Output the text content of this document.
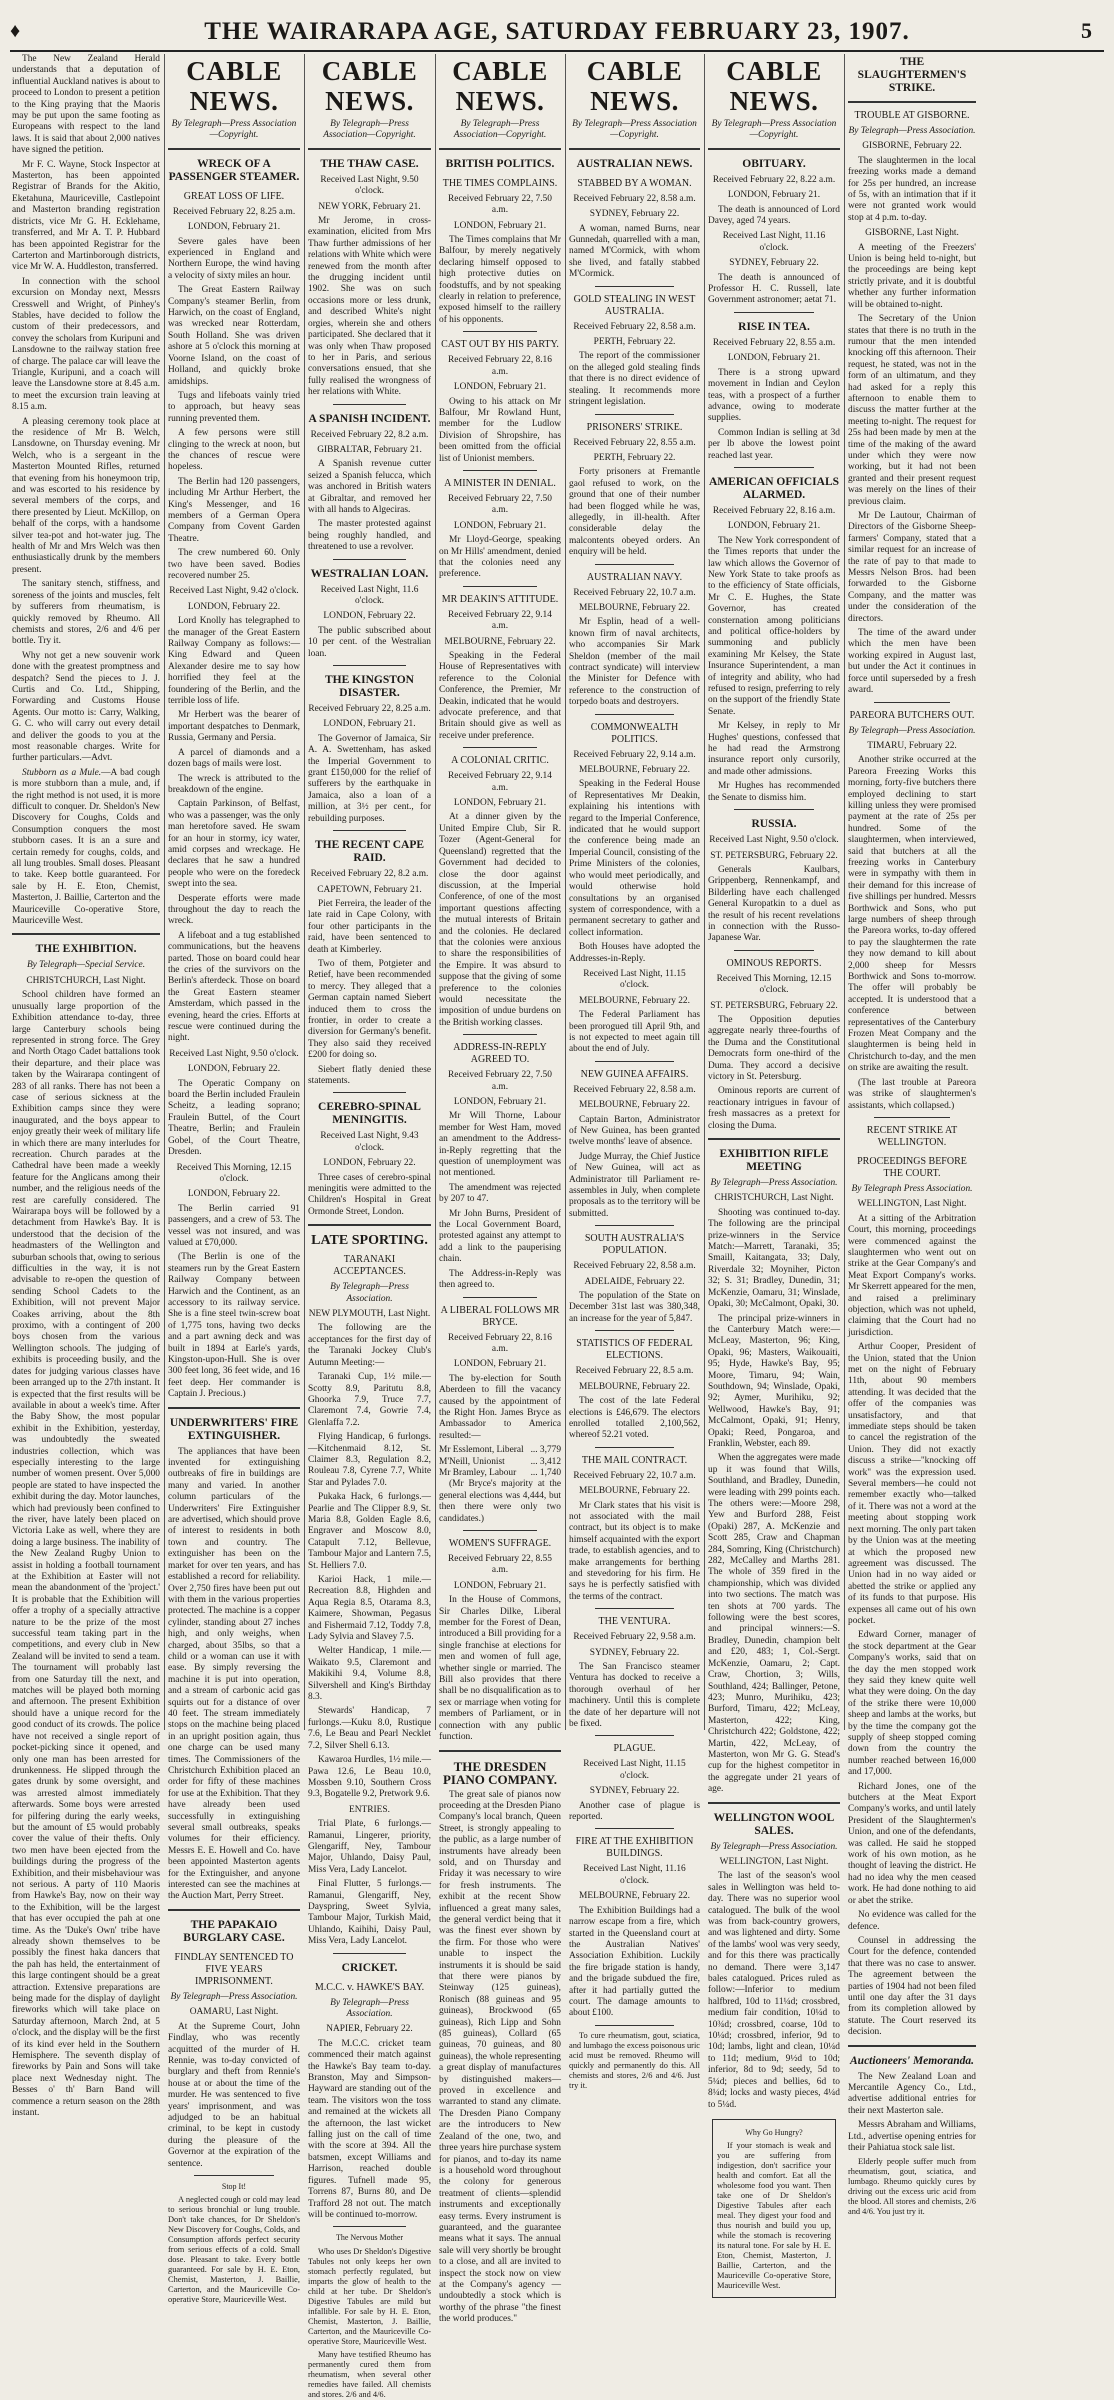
♦	THE WAIRARAPA AGE, SATURDAY FEBRUARY 23, 1907.	5

The New Zealand Herald understands that a deputation of influential Auckland natives is about to proceed to London to present a petition to the King praying that the Maoris may be put upon the same footing as Europeans with respect to the land laws. It is said that about 2,000 natives have signed the petition.

Mr F. C. Wayne, Stock Inspector at Masterton, has been appointed Registrar of Brands for the Akitio, Eketahuna, Mauriceville, Castlepoint and Masterton branding registration districts, vice Mr G. H. Ecklehame, transferred, and Mr A. T. P. Hubbard has been appointed Registrar for the Carterton and Martinborough districts, vice Mr W. A. Huddleston, transferred.

In connection with the school excursion on Monday next, Messrs Cresswell and Wright, of Pinhey's Stables, have decided to follow the custom of their predecessors, and convey the scholars from Kuripuni and Lansdowne to the railway station free of charge. The palace car will leave the Triangle, Kuripuni, and a coach will leave the Lansdowne store at 8.45 a.m. to meet the excursion train leaving at 8.15 a.m.

A pleasing ceremony took place at the residence of Mr B. Welch, Lansdowne, on Thursday evening. Mr Welch, who is a sergeant in the Masterton Mounted Rifles, returned that evening from his honeymoon trip, and was escorted to his residence by several members of the corps, and there presented by Lieut. McKillop, on behalf of the corps, with a handsome silver tea-pot and hot-water jug. The health of Mr and Mrs Welch was then enthusiastically drunk by the members present.

The sanitary stench, stiffness, and soreness of the joints and muscles, felt by sufferers from rheumatism, is quickly removed by Rheumo. All chemists and stores, 2/6 and 4/6 per bottle. Try it.

Why not get a new souvenir work done with the greatest promptness and despatch? Send the pieces to J. J. Curtis and Co. Ltd., Shipping, Forwarding and Customs House Agents. Our motto is: Carry, Walking, G. C. who will carry out every detail and deliver the goods to you at the most reasonable charges. Write for further particulars.—Advt.

Stubborn as a Mule.—A bad cough is more stubborn than a mule, and, if the right method is not used, it is more difficult to conquer. Dr. Sheldon's New Discovery for Coughs, Colds and Consumption conquers the most stubborn cases. It is an a sure and certain remedy for coughs, colds, and all lung troubles. Small doses. Pleasant to take. Keep bottle guaranteed. For sale by H. E. Eton, Chemist, Masterton, J. Baillie, Carterton and the Mauriceville Co-operative Store, Mauriceville West.

THE EXHIBITION.

By Telegraph—Special Service.

CHRISTCHURCH, Last Night.

School children have formed an unusually large proportion of the Exhibition attendance to-day, three large Canterbury schools being represented in strong force. The Grey and North Otago Cadet battalions took their departure, and their place was taken by the Wairarapa contingent of 283 of all ranks. There has not been a case of serious sickness at the Exhibition camps since they were inaugurated, and the boys appear to enjoy greatly their week of military life in which there are many interludes for recreation. Church parades at the Cathedral have been made a weekly feature for the Anglicans among their number, and the religious needs of the rest are carefully considered. The Wairarapa boys will be followed by a detachment from Hawke's Bay. It is understood that the decision of the headmasters of the Wellington and suburban schools that, owing to serious difficulties in the way, it is not advisable to re-open the question of sending School Cadets to the Exhibition, will not prevent Major Coakes arriving, about the 8th proximo, with a contingent of 200 boys chosen from the various Wellington schools. The judging of exhibits is proceeding busily, and the dates for judging various classes have been arranged up to the 27th instant. It is expected that the first results will be available in about a week's time. After the Baby Show, the most popular exhibit in the Exhibition, yesterday, was undoubtedly the sweated industries collection, which was especially interesting to the large number of women present. Over 5,000 people are stated to have inspected the exhibit during the day. Motor launches, which had previously been confined to the river, have lately been placed on Victoria Lake as well, where they are doing a large business. The inability of the New Zealand Rugby Union to assist in holding a football tournament at the Exhibition at Easter will not mean the abandonment of the 'project.' It is probable that the Exhibition will offer a trophy of a specially attractive nature to be the prize of the most successful team taking part in the competitions, and every club in New Zealand will be invited to send a team. The tournament will probably last from one Saturday till the next, and matches will be played both morning and afternoon. The present Exhibition should have a unique record for the good conduct of its crowds. The police have not received a single report of pocket-picking since it opened, and only one man has been arrested for drunkenness. He slipped through the gates drunk by some oversight, and was arrested almost immediately afterwards. Some boys were arrested for pilfering during the early weeks, but the amount of £5 would probably cover the value of their thefts. Only two men have been ejected from the buildings during the progress of the Exhibition, and their misbehaviour was not serious. A party of 110 Maoris from Hawke's Bay, now on their way to the Exhibition, will be the largest that has ever occupied the pah at one time. As the 'Duke's Own' tribe have already shown themselves to be possibly the finest haka dancers that the pah has held, the entertainment of this large contingent should be a great attraction. Extensive preparations are being made for the display of daylight fireworks which will take place on Saturday afternoon, March 2nd, at 5 o'clock, and the display will be the first of its kind ever held in the Southern Hemisphere. The seventh display of fireworks by Pain and Sons will take place next Wednesday night. The Besses o' th' Barn Band will commence a return season on the 28th instant.

CABLE NEWS.

By Telegraph—Press Association—Copyright.

WRECK OF A PASSENGER STEAMER.
GREAT LOSS OF LIFE.

Received February 22, 8.25 a.m.

LONDON, February 21.

Severe gales have been experienced in England and Northern Europe, the wind having a velocity of sixty miles an hour.

The Great Eastern Railway Company's steamer Berlin, from Harwich, on the coast of England, was wrecked near Rotterdam, South Holland. She was driven ashore at 5 o'clock this morning at Voorne Island, on the coast of Holland, and quickly broke amidships.

Tugs and lifeboats vainly tried to approach, but heavy seas running prevented them.

A few persons were still clinging to the wreck at noon, but the chances of rescue were hopeless.

The Berlin had 120 passengers, including Mr Arthur Herbert, the King's Messenger, and 16 members of a German Opera Company from Covent Garden Theatre.

The crew numbered 60. Only two have been saved. Bodies recovered number 25.

Received Last Night, 9.42 o'clock.

LONDON, February 22.

Lord Knolly has telegraphed to the manager of the Great Eastern Railway Company as follows:—King Edward and Queen Alexander desire me to say how horrified they feel at the foundering of the Berlin, and the terrible loss of life.

Mr Herbert was the bearer of important despatches to Denmark, Russia, Germany and Persia.

A parcel of diamonds and a dozen bags of mails were lost.

The wreck is attributed to the breakdown of the engine.

Captain Parkinson, of Belfast, who was a passenger, was the only man heretofore saved. He swam for an hour in stormy, icy water, amid corpses and wreckage. He declares that he saw a hundred people who were on the foredeck swept into the sea.

Desperate efforts were made throughout the day to reach the wreck.

A lifeboat and a tug established communications, but the heavens parted. Those on board could hear the cries of the survivors on the Berlin's afterdeck. Those on board the Great Eastern steamer Amsterdam, which passed in the evening, heard the cries. Efforts at rescue were continued during the night.

Received Last Night, 9.50 o'clock.

LONDON, February 22.

The Operatic Company on board the Berlin included Fraulein Scheitz, a leading soprano; Fraulein Buttel, of the Court Theatre, Berlin; and Fraulein Gobel, of the Court Theatre, Dresden.

Received This Morning, 12.15 o'clock.

LONDON, February 22.

The Berlin carried 91 passengers, and a crew of 53. The vessel was not insured, and was valued at £70,000.

(The Berlin is one of the steamers run by the Great Eastern Railway Company between Harwich and the Continent, as an accessory to its railway service. She is a fine steel twin-screw boat of 1,775 tons, having two decks and a part awning deck and was built in 1894 at Earle's yards, Kingston-upon-Hull. She is over 300 feet long, 36 feet wide, and 16 feet deep. Her commander is Captain J. Precious.)

UNDERWRITERS' FIRE EXTINGUISHER.

The appliances that have been invented for extinguishing outbreaks of fire in buildings are many and varied. In another column particulars of the Underwriters' Fire Extinguisher are advertised, which should prove of interest to residents in both town and country. The extinguisher has been on the market for over ten years, and has established a record for reliability. Over 2,750 fires have been put out with them in the various properties protected. The machine is a copper cylinder, standing about 27 inches high, and only weighs, when charged, about 35lbs, so that a child or a woman can use it with ease. By simply reversing the machine it is put into operation, and a stream of carbonic acid gas squirts out for a distance of over 40 feet. The stream immediately stops on the machine being placed in an upright position again, thus one charge can be used many times. The Commissioners of the Christchurch Exhibition placed an order for fifty of these machines for use at the Exhibition. That they have already been used successfully in extinguishing several small outbreaks, speaks volumes for their efficiency. Messrs E. E. Howell and Co. have been appointed Masterton agents for the Extinguisher, and anyone interested can see the machines at the Auction Mart, Perry Street.

THE PAPAKAIO BURGLARY CASE.
FINDLAY SENTENCED TO FIVE YEARS IMPRISONMENT.

By Telegraph—Press Association.

OAMARU, Last Night.

At the Supreme Court, John Findlay, who was recently acquitted of the murder of H. Rennie, was to-day convicted of burglary and theft from Rennie's house at or about the time of the murder. He was sentenced to five years' imprisonment, and was adjudged to be an habitual criminal, to be kept in custody during the pleasure of the Governor at the expiration of the sentence.

Stop It!

A neglected cough or cold may lead to serious bronchial or lung trouble. Don't take chances, for Dr Sheldon's New Discovery for Coughs, Colds, and Consumption affords perfect security from serious effects of a cold. Small dose. Pleasant to take. Every bottle guaranteed. For sale by H. E. Eton, Chemist, Masterton, J. Baillie, Carterton, and the Mauriceville Co-operative Store, Mauriceville West.

CABLE NEWS.

By Telegraph—Press Association—Copyright.

THE THAW CASE.

Received Last Night, 9.50 o'clock.

NEW YORK, February 21.

Mr Jerome, in cross-examination, elicited from Mrs Thaw further admissions of her relations with White which were renewed from the month after the drugging incident until 1902. She was on such occasions more or less drunk, and described White's night orgies, wherein she and others participated. She declared that it was only when Thaw proposed to her in Paris, and serious conversations ensued, that she fully realised the wrongness of her relations with White.

A SPANISH INCIDENT.

Received February 22, 8.2 a.m.

GIBRALTAR, February 21.

A Spanish revenue cutter seized a Spanish felucca, which was anchored in British waters at Gibraltar, and removed her with all hands to Algeciras.

The master protested against being roughly handled, and threatened to use a revolver.

WESTRALIAN LOAN.

Received Last Night, 11.6 o'clock.

LONDON, February 22.

The public subscribed about 10 per cent. of the Westralian loan.

THE KINGSTON DISASTER.

Received February 22, 8.25 a.m.

LONDON, February 21.

The Governor of Jamaica, Sir A. A. Swettenham, has asked the Imperial Government to grant £150,000 for the relief of sufferers by the earthquake in Jamaica, also a loan of a million, at 3½ per cent., for rebuilding purposes.

THE RECENT CAPE RAID.

Received February 22, 8.2 a.m.

CAPETOWN, February 21.

Piet Ferreira, the leader of the late raid in Cape Colony, with four other participants in the raid, have been sentenced to death at Kimberley.

Two of them, Potgieter and Retief, have been recommended to mercy. They alleged that a German captain named Siebert induced them to cross the frontier, in order to create a diversion for Germany's benefit. They also said they received £200 for doing so.

Siebert flatly denied these statements.

CEREBRO-SPINAL MENINGITIS.

Received Last Night, 9.43 o'clock.

LONDON, February 22.

Three cases of cerebro-spinal meningitis were admitted to the Children's Hospital in Great Ormonde Street, London.

LATE SPORTING.
TARANAKI ACCEPTANCES.

By Telegraph—Press Association.

NEW PLYMOUTH, Last Night.

The following are the acceptances for the first day of the Taranaki Jockey Club's Autumn Meeting:—

Taranaki Cup, 1½ mile.—Scotty 8.9, Paritutu 8.8, Ghoorka 7.9, Truce 7.7, Claremont 7.4, Gowrie 7.4, Glenlaffa 7.2.

Flying Handicap, 6 furlongs.—Kitchenmaid 8.12, St. Claimer 8.3, Regulation 8.2, Rouleau 7.8, Cyrene 7.7, White Star and Pylades 7.0.

Pukaka Hack, 6 furlongs.—Pearlie and The Clipper 8.9, St. Maria 8.8, Golden Eagle 8.6, Engraver and Moscow 8.0, Catapult 7.12, Bellevue, Tambour Major and Lantern 7.5, St. Helliers 7.0.

Karioi Hack, 1 mile.—Recreation 8.8, Highden and Aqua Regia 8.5, Otarama 8.3, Kaimere, Showman, Pegasus and Fishermaid 7.12, Toddy 7.8, Lady Sylvia and Slavey 7.5.

Welter Handicap, 1 mile.—Waikato 9.5, Claremont and Makikihi 9.4, Volume 8.8, Silvershell and King's Birthday 8.3.

Stewards' Handicap, 7 furlongs.—Kuku 8.0, Rustique 7.6, Le Beau and Pearl Necklet 7.2, Silver Shell 6.13.

Kawaroa Hurdles, 1½ mile.—Pawa 12.6, Le Beau 10.0, Mossben 9.10, Southern Cross 9.3, Bogatelle 9.2, Pretwork 9.6.

ENTRIES.

Trial Plate, 6 furlongs.—Ramanui, Lingerer, priority, Glengariff, Ney, Tambour Major, Uhlando, Daisy Paul, Miss Vera, Lady Lancelot.

Final Flutter, 5 furlongs.—Ramanui, Glengariff, Ney, Dayspring, Sweet Sylvia, Tambour Major, Turkish Maid, Uhlando, Kaihihi, Daisy Paul, Miss Vera, Lady Lancelot.

CRICKET.
M.C.C. v. HAWKE'S BAY.

By Telegraph—Press Association.

NAPIER, February 22.

The M.C.C. cricket team commenced their match against the Hawke's Bay team to-day. Branston, May and Simpson-Hayward are standing out of the team. The visitors won the toss and remained at the wickets all the afternoon, the last wicket falling just on the call of time with the score at 394. All the batsmen, except Williams and Harrison, reached double figures. Tufnell made 95, Torrens 87, Burns 80, and De Trafford 28 not out. The match will be continued to-morrow.

The Nervous Mother

Who uses Dr Sheldon's Digestive Tabules not only keeps her own stomach perfectly regulated, but imparts the glow of health to the child at her tube. Dr Sheldon's Digestive Tabules are mild but infallible. For sale by H. E. Eton, Chemist, Masterton, J. Baillie, Carterton, and the Mauriceville Co-operative Store, Mauriceville West.

Many have testified Rheumo has permanently cured them from rheumatism, when several other remedies have failed. All chemists and stores. 2/6 and 4/6.

CABLE NEWS.

By Telegraph—Press Association—Copyright.

BRITISH POLITICS.
THE TIMES COMPLAINS.

Received February 22, 7.50 a.m.

LONDON, February 21.

The Times complains that Mr Balfour, by merely negatively declaring himself opposed to high protective duties on foodstuffs, and by not speaking clearly in relation to preference, exposed himself to the raillery of his opponents.

CAST OUT BY HIS PARTY.

Received February 22, 8.16 a.m.

LONDON, February 21.

Owing to his attack on Mr Balfour, Mr Rowland Hunt, member for the Ludlow Division of Shropshire, has been omitted from the official list of Unionist members.

A MINISTER IN DENIAL.

Received February 22, 7.50 a.m.

LONDON, February 21.

Mr Lloyd-George, speaking on Mr Hills' amendment, denied that the colonies need any preference.

MR DEAKIN'S ATTITUDE.

Received February 22, 9.14 a.m.

MELBOURNE, February 22.

Speaking in the Federal House of Representatives with reference to the Colonial Conference, the Premier, Mr Deakin, indicated that he would advocate preference, and that Britain should give as well as receive under preference.

A COLONIAL CRITIC.

Received February 22, 9.14 a.m.

LONDON, February 21.

At a dinner given by the United Empire Club, Sir R. Tozer (Agent-General for Queensland) regretted that the Government had decided to close the door against discussion, at the Imperial Conference, of one of the most important questions affecting the mutual interests of Britain and the colonies. He declared that the colonies were anxious to share the responsibilities of the Empire. It was absurd to suppose that the giving of some preference to the colonies would necessitate the imposition of undue burdens on the British working classes.

ADDRESS-IN-REPLY AGREED TO.

Received February 22, 7.50 a.m.

LONDON, February 21.

Mr Will Thorne, Labour member for West Ham, moved an amendment to the Address-in-Reply regretting that the question of unemployment was not mentioned.

The amendment was rejected by 207 to 47.

Mr John Burns, President of the Local Government Board, protested against any attempt to add a link to the pauperising chain.

The Address-in-Reply was then agreed to.

A LIBERAL FOLLOWS MR BRYCE.

Received February 22, 8.16 a.m.

LONDON, February 21.

The by-election for South Aberdeen to fill the vacancy caused by the appointment of the Right Hon. James Bryce as Ambassador to America resulted:—

Mr Esslemont, Liberal	...	3,779
M'Neill, Unionist	...	3,412
Mr Bramley, Labour	...	1,740

(Mr Bryce's majority at the general elections was 4,444, but then there were only two candidates.)

WOMEN'S SUFFRAGE.

Received February 22, 8.55 a.m.

LONDON, February 21.

In the House of Commons, Sir Charles Dilke, Liberal member for the Forest of Dean, introduced a Bill providing for a single franchise at elections for men and women of full age, whether single or married. The Bill also provides that there shall be no disqualification as to sex or marriage when voting for members of Parliament, or in connection with any public function.

THE DRESDEN PIANO COMPANY.

The great sale of pianos now proceeding at the Dresden Piano Company's local branch, Queen Street, is strongly appealing to the public, as a large number of instruments have already been sold, and on Thursday and Friday it was necessary to wire for fresh instruments. The exhibit at the recent Show influenced a great many sales, the general verdict being that it was the finest ever shown by the firm. For those who were unable to inspect the instruments it is should be said that there were pianos by Steinway (125 guineas), Ronisch (88 guineas and 95 guineas), Brockwood (65 guineas), Rich Lipp and Sohn (85 guineas), Collard (65 guineas, 70 guineas, and 80 guineas), the whole representing a great display of manufactures by distinguished makers—proved in excellence and warranted to stand any climate. The Dresden Piano Company are the introducers to New Zealand of the one, two, and three years hire purchase system for pianos, and to-day its name is a household word throughout the colony for generous treatment of clients—splendid instruments and exceptionally easy terms. Every instrument is guaranteed, and the guarantee means what it says. The annual sale will very shortly be brought to a close, and all are invited to inspect the stock now on view at the Company's agency — undoubtedly a stock which is worthy of the phrase "the finest the world produces."

CABLE NEWS.

By Telegraph—Press Association—Copyright.

AUSTRALIAN NEWS.
STABBED BY A WOMAN.

Received February 22, 8.58 a.m.

SYDNEY, February 22.

A woman, named Burns, near Gunnedah, quarrelled with a man, named M'Cormick, with whom she lived, and fatally stabbed M'Cormick.

GOLD STEALING IN WEST AUSTRALIA.

Received February 22, 8.58 a.m.

PERTH, February 22.

The report of the commissioner on the alleged gold stealing finds that there is no direct evidence of stealing. It recommends more stringent legislation.

PRISONERS' STRIKE.

Received February 22, 8.55 a.m.

PERTH, February 22.

Forty prisoners at Fremantle gaol refused to work, on the ground that one of their number had been flogged while he was, allegedly, in ill-health. After considerable delay the malcontents obeyed orders. An enquiry will be held.

AUSTRALIAN NAVY.

Received February 22, 10.7 a.m.

MELBOURNE, February 22.

Mr Esplin, head of a well-known firm of naval architects, who accompanies Sir Mark Sheldon (member of the mail contract syndicate) will interview the Minister for Defence with reference to the construction of torpedo boats and destroyers.

COMMONWEALTH POLITICS.

Received February 22, 9.14 a.m.

MELBOURNE, February 22.

Speaking in the Federal House of Representatives Mr Deakin, explaining his intentions with regard to the Imperial Conference, indicated that he would support the conference being made an Imperial Council, consisting of the Prime Ministers of the colonies, who would meet periodically, and would otherwise hold consultations by an organised system of correspondence, with a permanent secretary to gather and collect information.

Both Houses have adopted the Addresses-in-Reply.

Received Last Night, 11.15 o'clock.

MELBOURNE, February 22.

The Federal Parliament has been prorogued till April 9th, and is not expected to meet again till about the end of July.

NEW GUINEA AFFAIRS.

Received February 22, 8.58 a.m.

MELBOURNE, February 22.

Captain Barton, Administrator of New Guinea, has been granted twelve months' leave of absence.

Judge Murray, the Chief Justice of New Guinea, will act as Administrator till Parliament re-assembles in July, when complete proposals as to the territory will be submitted.

SOUTH AUSTRALIA'S POPULATION.

Received February 22, 8.58 a.m.

ADELAIDE, February 22.

The population of the State on December 31st last was 380,348, an increase for the year of 5,847.

STATISTICS OF FEDERAL ELECTIONS.

Received February 22, 8.5 a.m.

MELBOURNE, February 22.

The cost of the late Federal elections is £46,679. The electors enrolled totalled 2,100,562, whereof 52.21 voted.

THE MAIL CONTRACT.

Received February 22, 10.7 a.m.

MELBOURNE, February 22.

Mr Clark states that his visit is not associated with the mail contract, but its object is to make himself acquainted with the export trade, to establish agencies, and to make arrangements for berthing and stevedoring for his firm. He says he is perfectly satisfied with the terms of the contract.

THE VENTURA.

Received February 22, 9.58 a.m.

SYDNEY, February 22.

The San Francisco steamer Ventura has docked to receive a thorough overhaul of her machinery. Until this is complete the date of her departure will not be fixed.

PLAGUE.

Received Last Night, 11.15 o'clock.

SYDNEY, February 22.

Another case of plague is reported.

FIRE AT THE EXHIBITION BUILDINGS.

Received Last Night, 11.16 o'clock.

MELBOURNE, February 22.

The Exhibition Buildings had a narrow escape from a fire, which started in the Queensland court at the Australian Natives' Association Exhibition. Luckily the fire brigade station is handy, and the brigade subdued the fire, after it had partially gutted the court. The damage amounts to about £100.

To cure rheumatism, gout, sciatica, and lumbago the excess poisonous uric acid must be removed. Rheumo will quickly and permanently do this. All chemists and stores, 2/6 and 4/6. Just try it.

CABLE NEWS.

By Telegraph—Press Association—Copyright.

OBITUARY.

Received February 22, 8.22 a.m.

LONDON, February 21.

The death is announced of Lord Davey, aged 74 years.

Received Last Night, 11.16 o'clock.

SYDNEY, February 22.

The death is announced of Professor H. C. Russell, late Government astronomer; aetat 71.

RISE IN TEA.

Received February 22, 8.55 a.m.

LONDON, February 21.

There is a strong upward movement in Indian and Ceylon teas, with a prospect of a further advance, owing to moderate supplies.

Common Indian is selling at 3d per lb above the lowest point reached last year.

AMERICAN OFFICIALS ALARMED.

Received February 22, 8.16 a.m.

LONDON, February 21.

The New York correspondent of the Times reports that under the law which allows the Governor of New York State to take proofs as to the efficiency of State officials, Mr C. E. Hughes, the State Governor, has created consternation among politicians and political office-holders by summoning and publicly examining Mr Kelsey, the State Insurance Superintendent, a man of integrity and ability, who had refused to resign, preferring to rely on the support of the friendly State Senate.

Mr Kelsey, in reply to Mr Hughes' questions, confessed that he had read the Armstrong insurance report only cursorily, and made other admissions.

Mr Hughes has recommended the Senate to dismiss him.

RUSSIA.

Received Last Night, 9.50 o'clock.

ST. PETERSBURG, February 22.

Generals Kaulbars, Grippenberg, Rennenkampf, and Bilderling have each challenged General Kuropatkin to a duel as the result of his recent revelations in connection with the Russo-Japanese War.

OMINOUS REPORTS.

Received This Morning, 12.15 o'clock.

ST. PETERSBURG, February 22.

The Opposition deputies aggregate nearly three-fourths of the Duma and the Constitutional Democrats form one-third of the Duma. They accord a decisive victory in St. Petersburg.

Ominous reports are current of reactionary intrigues in favour of fresh massacres as a pretext for closing the Duma.

EXHIBITION RIFLE MEETING

By Telegraph—Press Association.

CHRISTCHURCH, Last Night.

Shooting was continued to-day. The following are the principal prize-winners in the Service Match:—Marrett, Taranaki, 35; Smaill, Kaitangata, 33; Daly, Riverdale 32; Moyniher, Picton 32; S. 31; Bradley, Dunedin, 31; McKenzie, Oamaru, 31; Winslade, Opaki, 30; McCalmont, Opaki, 30.

The principal prize-winners in the Canterbury Match were:—McLeay, Masterton, 96; King, Opaki, 96; Masters, Waikouaiti, 95; Hyde, Hawke's Bay, 95; Moore, Timaru, 94; Wain, Southdown, 94; Winslade, Opaki, 92; Aymer, Murihiku, 92; Wellwood, Hawke's Bay, 91; McCalmont, Opaki, 91; Henry, Opaki; Reed, Pongaroa, and Franklin, Webster, each 89.

When the aggregates were made up it was found that Wills, Southland, and Bradley, Dunedin, were leading with 299 points each. The others were:—Moore 298, Yew and Burford 288, Feist (Opaki) 287, A. McKenzie and Scott 285, Craw and Chapman 284, Somring, King (Christchurch) 282, McCalley and Marths 281. The whole of 359 fired in the championship, which was divided into two sections. The match was ten shots at 700 yards. The following were the best scores, and principal winners:—S. Bradley, Dunedin, champion belt and £20, 483; 1, Col.-Sergt. McKenzie, Oamaru, 2; Capt. Craw, Chortion, 3; Wills, Southland, 424; Ballinger, Petone, 423; Munro, Murihiku, 423; Burford, Timaru, 422; McLeay, Masterton, 422; King, Christchurch 422; Goldstone, 422; Martin, 422, McLeay, of Masterton, won Mr G. G. Stead's cup for the highest competitor in the aggregate under 21 years of age.

WELLINGTON WOOL SALES.

By Telegraph—Press Association.

WELLINGTON, Last Night.

The last of the season's wool sales in Wellington was held to-day. There was no superior wool catalogued. The bulk of the wool was from back-country growers, and was lightened and dirty. Some of the lambs' wool was very seedy, and for this there was practically no demand. There were 3,147 bales catalogued. Prices ruled as follow:—Inferior to medium halfbred, 10d to 11¼d; crossbred, medium fair condition, 10¼d to 10¾d; crossbred, coarse, 10d to 10¼d; crossbred, inferior, 9d to 10d; lambs, light and clean, 10¼d to 11d; medium, 9½d to 10d; inferior, 8d to 9d; seedy, 5d to 5¼d; pieces and bellies, 6d to 8¼d; locks and wasty pieces, 4¼d to 5¼d.

Why Go Hungry?

If your stomach is weak and you are suffering from indigestion, don't sacrifice your health and comfort. Eat all the wholesome food you want. Then take one of Dr Sheldon's Digestive Tabules after each meal. They digest your food and thus nourish and build you up, while the stomach is recovering its natural tone. For sale by H. E. Eton, Chemist, Masterton, J. Baillie, Carterton, and the Mauriceville Co-operative Store, Mauriceville West.

THE SLAUGHTERMEN'S STRIKE.
TROUBLE AT GISBORNE.

By Telegraph—Press Association.

GISBORNE, February 22.

The slaughtermen in the local freezing works made a demand for 25s per hundred, an increase of 5s, with an intimation that if it were not granted work would stop at 4 p.m. to-day.

GISBORNE, Last Night.

A meeting of the Freezers' Union is being held to-night, but the proceedings are being kept strictly private, and it is doubtful whether any further information will be obtained to-night.

The Secretary of the Union states that there is no truth in the rumour that the men intended knocking off this afternoon. Their request, he stated, was not in the form of an ultimatum, and they had asked for a reply this afternoon to enable them to discuss the matter further at the meeting to-night. The request for 25s had been made by men at the time of the making of the award under which they were now working, but it had not been granted and their present request was merely on the lines of their previous claim.

Mr De Lautour, Chairman of Directors of the Gisborne Sheep-farmers' Company, stated that a similar request for an increase of the rate of pay to that made to Messrs Nelson Bros. had been forwarded to the Gisborne Company, and the matter was under the consideration of the directors.

The time of the award under which the men have been working expired in August last, but under the Act it continues in force until superseded by a fresh award.

PAREORA BUTCHERS OUT.

By Telegraph—Press Association.

TIMARU, February 22.

Another strike occurred at the Pareora Freezing Works this morning, forty-five butchers there employed declining to start killing unless they were promised payment at the rate of 25s per hundred. Some of the slaughtermen, when interviewed, said that butchers at all the freezing works in Canterbury were in sympathy with them in their demand for this increase of five shillings per hundred. Messrs Borthwick and Sons, who put large numbers of sheep through the Pareora works, to-day offered to pay the slaughtermen the rate they now demand to kill about 2,000 sheep for Messrs Borthwick and Sons to-morrow. The offer will probably be accepted. It is understood that a conference between representatives of the Canterbury Frozen Meat Company and the slaughtermen is being held in Christchurch to-day, and the men on strike are awaiting the result.

(The last trouble at Pareora was strike of slaughtermen's assistants, which collapsed.)

RECENT STRIKE AT WELLINGTON.
PROCEEDINGS BEFORE THE COURT.

By Telegraph Press Association.

WELLINGTON, Last Night.

At a sitting of the Arbitration Court, this morning, proceedings were commenced against the slaughtermen who went out on strike at the Gear Company's and Meat Export Company's works. Mr Skerrett appeared for the men, and raised a preliminary objection, which was not upheld, claiming that the Court had no jurisdiction.

Arthur Cooper, President of the Union, stated that the Union met on the night of February 11th, about 90 members attending. It was decided that the offer of the companies was unsatisfactory, and that immediate steps should be taken to cancel the registration of the Union. They did not exactly discuss a strike—"knocking off work" was the expression used. Several members—he could not remember exactly who—talked of it. There was not a word at the meeting about stopping work next morning. The only part taken by the Union was at the meeting at which the proposed new agreement was discussed. The Union had in no way aided or abetted the strike or applied any of its funds to that purpose. His expenses all came out of his own pocket.

Edward Corner, manager of the stock department at the Gear Company's works, said that on the day the men stopped work they said they knew quite well what they were doing. On the day of the strike there were 10,000 sheep and lambs at the works, but by the time the company got the supply of sheep stopped coming down from the country the number reached between 16,000 and 17,000.

Richard Jones, one of the butchers at the Meat Export Company's works, and until lately President of the Slaughtermen's Union, and one of the defendants, was called. He said he stopped work of his own motion, as he thought of leaving the district. He had no idea why the men ceased work. He had done nothing to aid or abet the strike.

No evidence was called for the defence.

Counsel in addressing the Court for the defence, contended that there was no case to answer. The agreement between the parties of 1904 had not been filed until one day after the 31 days from its completion allowed by statute. The Court reserved its decision.

Auctioneers' Memoranda.

The New Zealand Loan and Mercantile Agency Co., Ltd., advertise additional entries for their next Masterton sale.

Messrs Abraham and Williams, Ltd., advertise opening entries for their Pahiatua stock sale list.

Elderly people suffer much from rheumatism, gout, sciatica, and lumbago. Rheumo quickly cures by driving out the excess uric acid from the blood. All stores and chemists, 2/6 and 4/6. You just try it.
